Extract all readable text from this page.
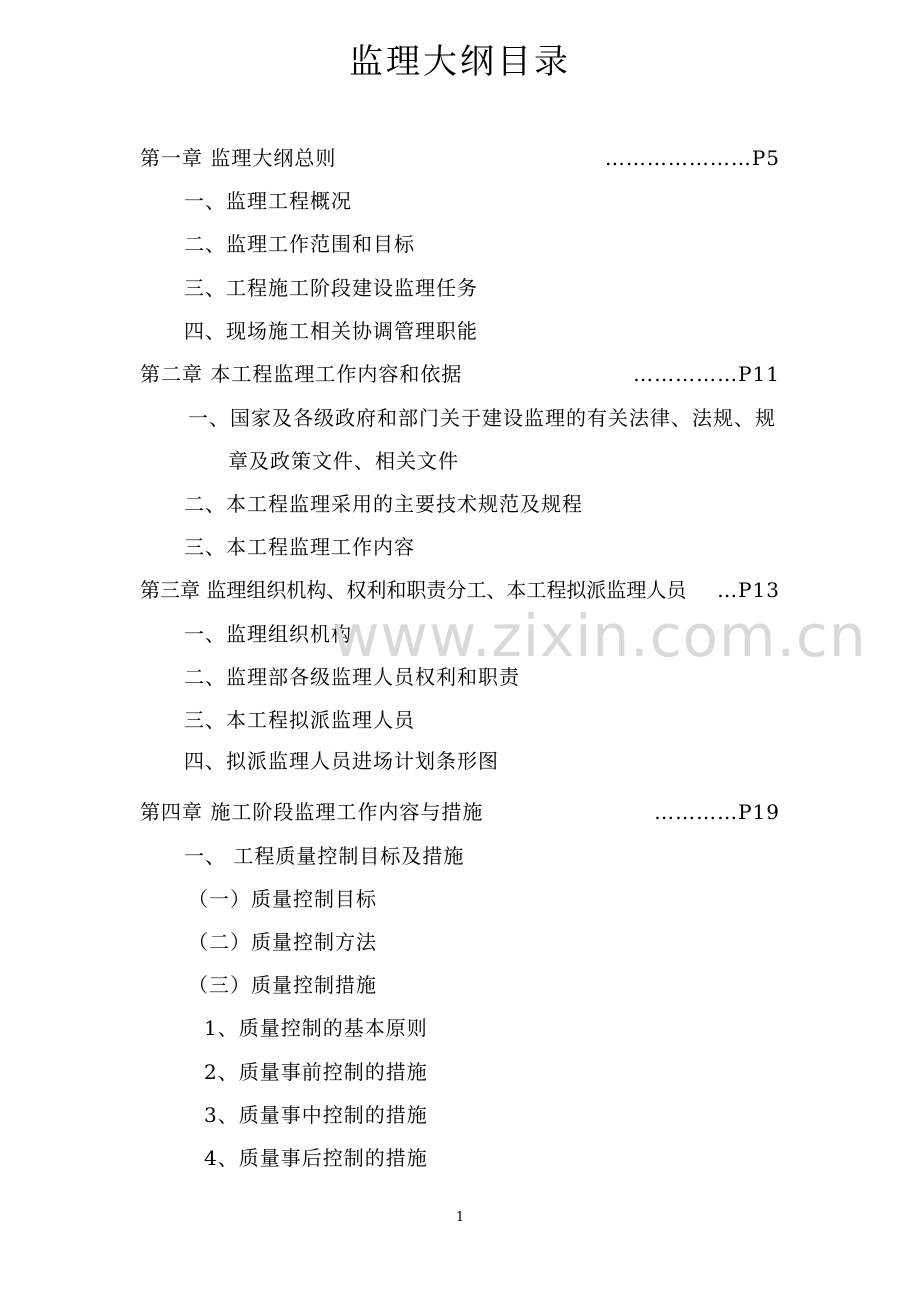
监理大纲目录
第一章 监理大纲总则	…………………P5
一、监理工程概况
二、监理工作范围和目标
三、工程施工阶段建设监理任务
四、现场施工相关协调管理职能
第二章 本工程监理工作内容和依据	……………P11
一、国家及各级政府和部门关于建设监理的有关法律、法规、规
章及政策文件、相关文件
二、本工程监理采用的主要技术规范及规程
三、本工程监理工作内容
第三章 监理组织机构、权利和职责分工、本工程拟派监理人员 …P13
一、监理组织机构
二、监理部各级监理人员权利和职责
三、本工程拟派监理人员
四、拟派监理人员进场计划条形图
第四章 施工阶段监理工作内容与措施	…………P19
一、 工程质量控制目标及措施
（一）质量控制目标
（二）质量控制方法
（三）质量控制措施
1、质量控制的基本原则
2、质量事前控制的措施
3、质量事中控制的措施
4、质量事后控制的措施
www.zixin.com.cn
1
